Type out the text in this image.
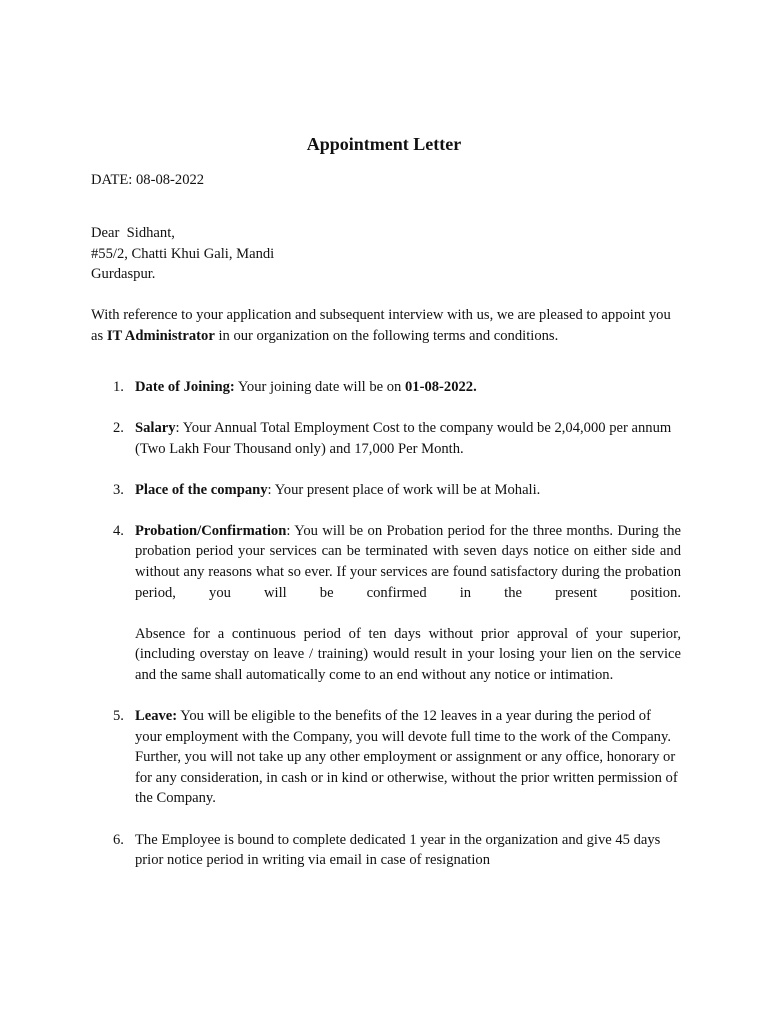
Appointment Letter
DATE: 08-08-2022
Dear  Sidhant,
#55/2, Chatti Khui Gali, Mandi
Gurdaspur.
With reference to your application and subsequent interview with us, we are pleased to appoint you as IT Administrator in our organization on the following terms and conditions.
1. Date of Joining: Your joining date will be on 01-08-2022.

2. Salary: Your Annual Total Employment Cost to the company would be 2,04,000 per annum (Two Lakh Four Thousand only) and 17,000 Per Month.

3. Place of the company: Your present place of work will be at Mohali.

4. Probation/Confirmation: You will be on Probation period for the three months. During the probation period your services can be terminated with seven days notice on either side and without any reasons what so ever. If your services are found satisfactory during the probation period, you will be confirmed in the present position.

Absence for a continuous period of ten days without prior approval of your superior, (including overstay on leave / training) would result in your losing your lien on the service and the same shall automatically come to an end without any notice or intimation.

5. Leave: You will be eligible to the benefits of the 12 leaves in a year during the period of your employment with the Company, you will devote full time to the work of the Company. Further, you will not take up any other employment or assignment or any office, honorary or for any consideration, in cash or in kind or otherwise, without the prior written permission of the Company.

6. The Employee is bound to complete dedicated 1 year in the organization and give 45 days prior notice period in writing via email in case of resignation
